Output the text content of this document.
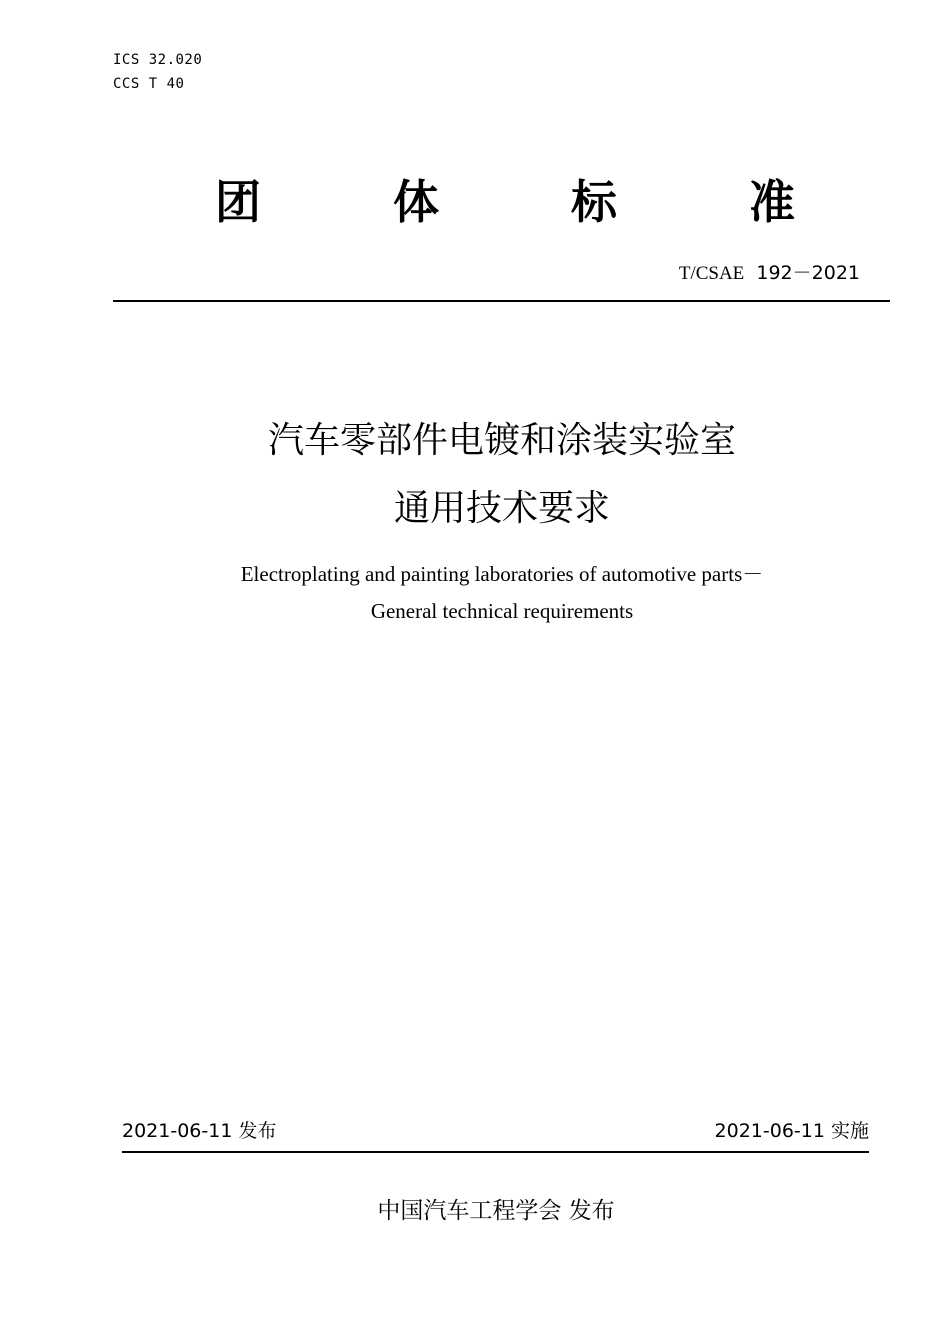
ICS 32.020
CCS T 40
团	体	标	准
T/CSAE 192－2021
汽车零部件电镀和涂装实验室
通用技术要求
Electroplating and painting laboratories of automotive parts－
General technical requirements
2021-06-11 发布	2021-06-11 实施
中国汽车工程学会 发布
